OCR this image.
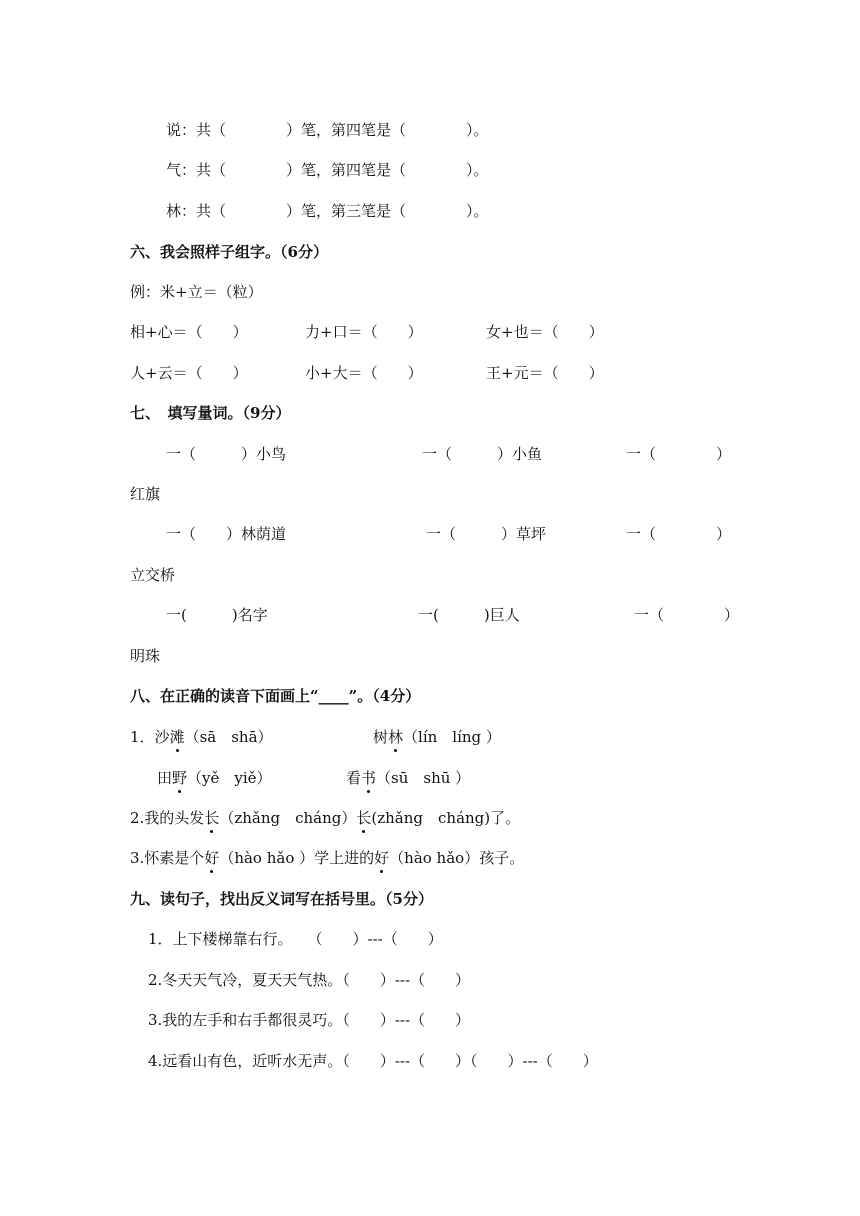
说：共（　　　　）笔，第四笔是（　　　　）。
气：共（　　　　）笔，第四笔是（　　　　）。
林：共（　　　　）笔，第三笔是（　　　　）。
六、我会照样子组字。（6分）
例：米+立＝（粒）
相+心＝（　　）	力+口＝（　　）	女+也＝（　　）
人+云＝（　　）	小+大＝（　　）	王+元＝（　　）
七、　填写量词。（9分）
一（　　　）小鸟	一（　　　）小鱼	一（　　　　）
红旗
一（　　）林荫道	一（　　　）草坪	一（　　　　）
立交桥
一(　　　)名字	一(　　　)巨人	一（　　　　）
明珠
八、在正确的读音下面画上“____”。（4分）
1．沙滩（sā　shā）	树林（lín　líng ）
田野（yě　yiě）	看书（sū　shū ）
2.我的头发长（zhǎng　cháng）长(zhǎng　cháng)了。
3.怀素是个好（hào hǎo ）学上进的好（hào hǎo）孩子。
九、读句子，找出反义词写在括号里。（5分）
1．上下楼梯靠右行。　　（　　）---（　　）
2.冬天天气冷，夏天天气热。（　　）---（　　）
3.我的左手和右手都很灵巧。（　　）---（　　）
4.远看山有色，近听水无声。（　　）---（　　）（　　）---（　　）
